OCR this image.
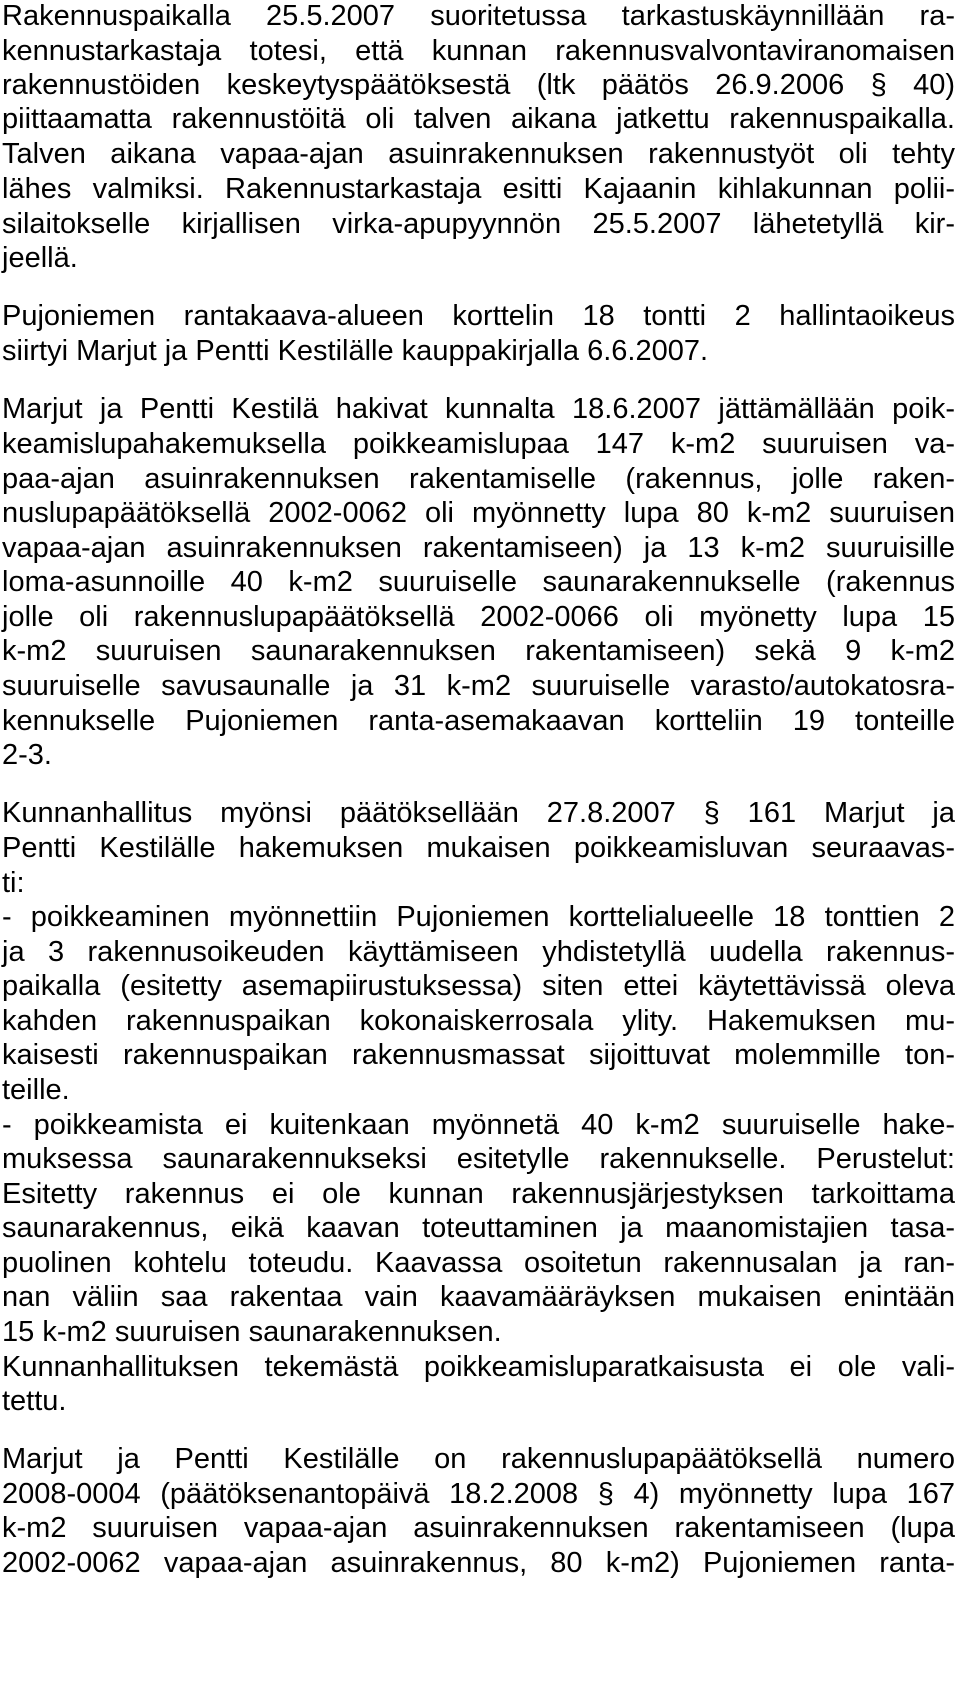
Rakennuspaikalla 25.5.2007 suoritetussa tarkastuskäynnillään ra-
kennustarkastaja totesi, että kunnan rakennusvalvontaviranomaisen
rakennustöiden keskeytyspäätöksestä (ltk päätös 26.9.2006 § 40)
piittaamatta rakennustöitä oli talven aikana jatkettu rakennuspaikalla.
Talven aikana vapaa-ajan asuinrakennuksen rakennustyöt oli tehty
lähes valmiksi. Rakennustarkastaja esitti Kajaanin kihlakunnan polii-
silaitokselle kirjallisen virka-apupyynnön 25.5.2007 lähetetyllä kir-
jeellä.
Pujoniemen rantakaava-alueen korttelin 18 tontti 2 hallintaoikeus
siirtyi Marjut ja Pentti Kestilälle kauppakirjalla 6.6.2007.
Marjut ja Pentti Kestilä hakivat kunnalta 18.6.2007 jättämällään poik-
keamislupahakemuksella poikkeamislupaa 147 k-m2 suuruisen va-
paa-ajan asuinrakennuksen rakentamiselle (rakennus, jolle raken-
nuslupapäätöksellä 2002-0062 oli myönnetty lupa 80 k-m2 suuruisen
vapaa-ajan asuinrakennuksen rakentamiseen) ja 13 k-m2 suuruisille
loma-asunnoille 40 k-m2 suuruiselle saunarakennukselle (rakennus
jolle oli rakennuslupapäätöksellä 2002-0066 oli myönetty lupa 15
k-m2 suuruisen saunarakennuksen rakentamiseen) sekä 9 k-m2
suuruiselle savusaunalle ja 31 k-m2 suuruiselle varasto/autokatosra-
kennukselle Pujoniemen ranta-asemakaavan kortteliin 19 tonteille
2-3.
Kunnanhallitus myönsi päätöksellään 27.8.2007 § 161 Marjut ja
Pentti Kestilälle hakemuksen mukaisen poikkeamisluvan seuraavas-
ti:
- poikkeaminen myönnettiin Pujoniemen korttelialueelle 18 tonttien 2
ja 3 rakennusoikeuden käyttämiseen yhdistetyllä uudella rakennus-
paikalla (esitetty asemapiirustuksessa) siten ettei käytettävissä oleva
kahden rakennuspaikan kokonaiskerrosala ylity. Hakemuksen mu-
kaisesti rakennuspaikan rakennusmassat sijoittuvat molemmille ton-
teille.
- poikkeamista ei kuitenkaan myönnetä 40 k-m2 suuruiselle hake-
muksessa saunarakennukseksi esitetylle rakennukselle. Perustelut:
Esitetty rakennus ei ole kunnan rakennusjärjestyksen tarkoittama
saunarakennus, eikä kaavan toteuttaminen ja maanomistajien tasa-
puolinen kohtelu toteudu. Kaavassa osoitetun rakennusalan ja ran-
nan väliin saa rakentaa vain kaavamääräyksen mukaisen enintään
15 k-m2 suuruisen saunarakennuksen.
Kunnanhallituksen tekemästä poikkeamisluparatkaisusta ei ole vali-
tettu.
Marjut ja Pentti Kestilälle on rakennuslupapäätöksellä numero
2008-0004 (päätöksenantopäivä 18.2.2008 § 4) myönnetty lupa 167
k-m2 suuruisen vapaa-ajan asuinrakennuksen rakentamiseen (lupa
2002-0062 vapaa-ajan asuinrakennus, 80 k-m2) Pujoniemen ranta-
